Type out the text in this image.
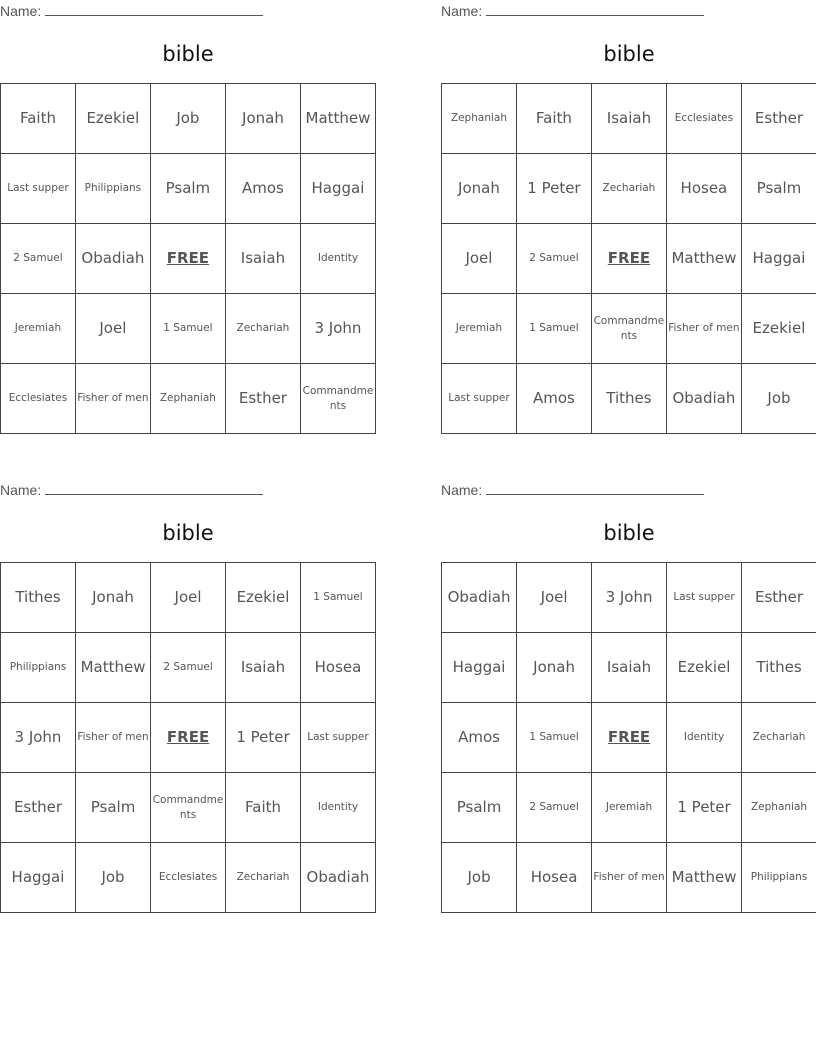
Name:
bible
Faith	Ezekiel	Job	Jonah	Matthew
Last supper	Philippians	Psalm	Amos	Haggai
2 Samuel	Obadiah	FREE	Isaiah	Identity
Jeremiah	Joel	1 Samuel	Zechariah	3 John
Ecclesiates	Fisher of men	Zephaniah	Esther	Commandments
Name:
bible
Zephaniah	Faith	Isaiah	Ecclesiates	Esther
Jonah	1 Peter	Zechariah	Hosea	Psalm
Joel	2 Samuel	FREE	Matthew	Haggai
Jeremiah	1 Samuel	Commandments	Fisher of men	Ezekiel
Last supper	Amos	Tithes	Obadiah	Job
Name:
bible
Tithes	Jonah	Joel	Ezekiel	1 Samuel
Philippians	Matthew	2 Samuel	Isaiah	Hosea
3 John	Fisher of men	FREE	1 Peter	Last supper
Esther	Psalm	Commandments	Faith	Identity
Haggai	Job	Ecclesiates	Zechariah	Obadiah
Name:
bible
Obadiah	Joel	3 John	Last supper	Esther
Haggai	Jonah	Isaiah	Ezekiel	Tithes
Amos	1 Samuel	FREE	Identity	Zechariah
Psalm	2 Samuel	Jeremiah	1 Peter	Zephaniah
Job	Hosea	Fisher of men	Matthew	Philippians
